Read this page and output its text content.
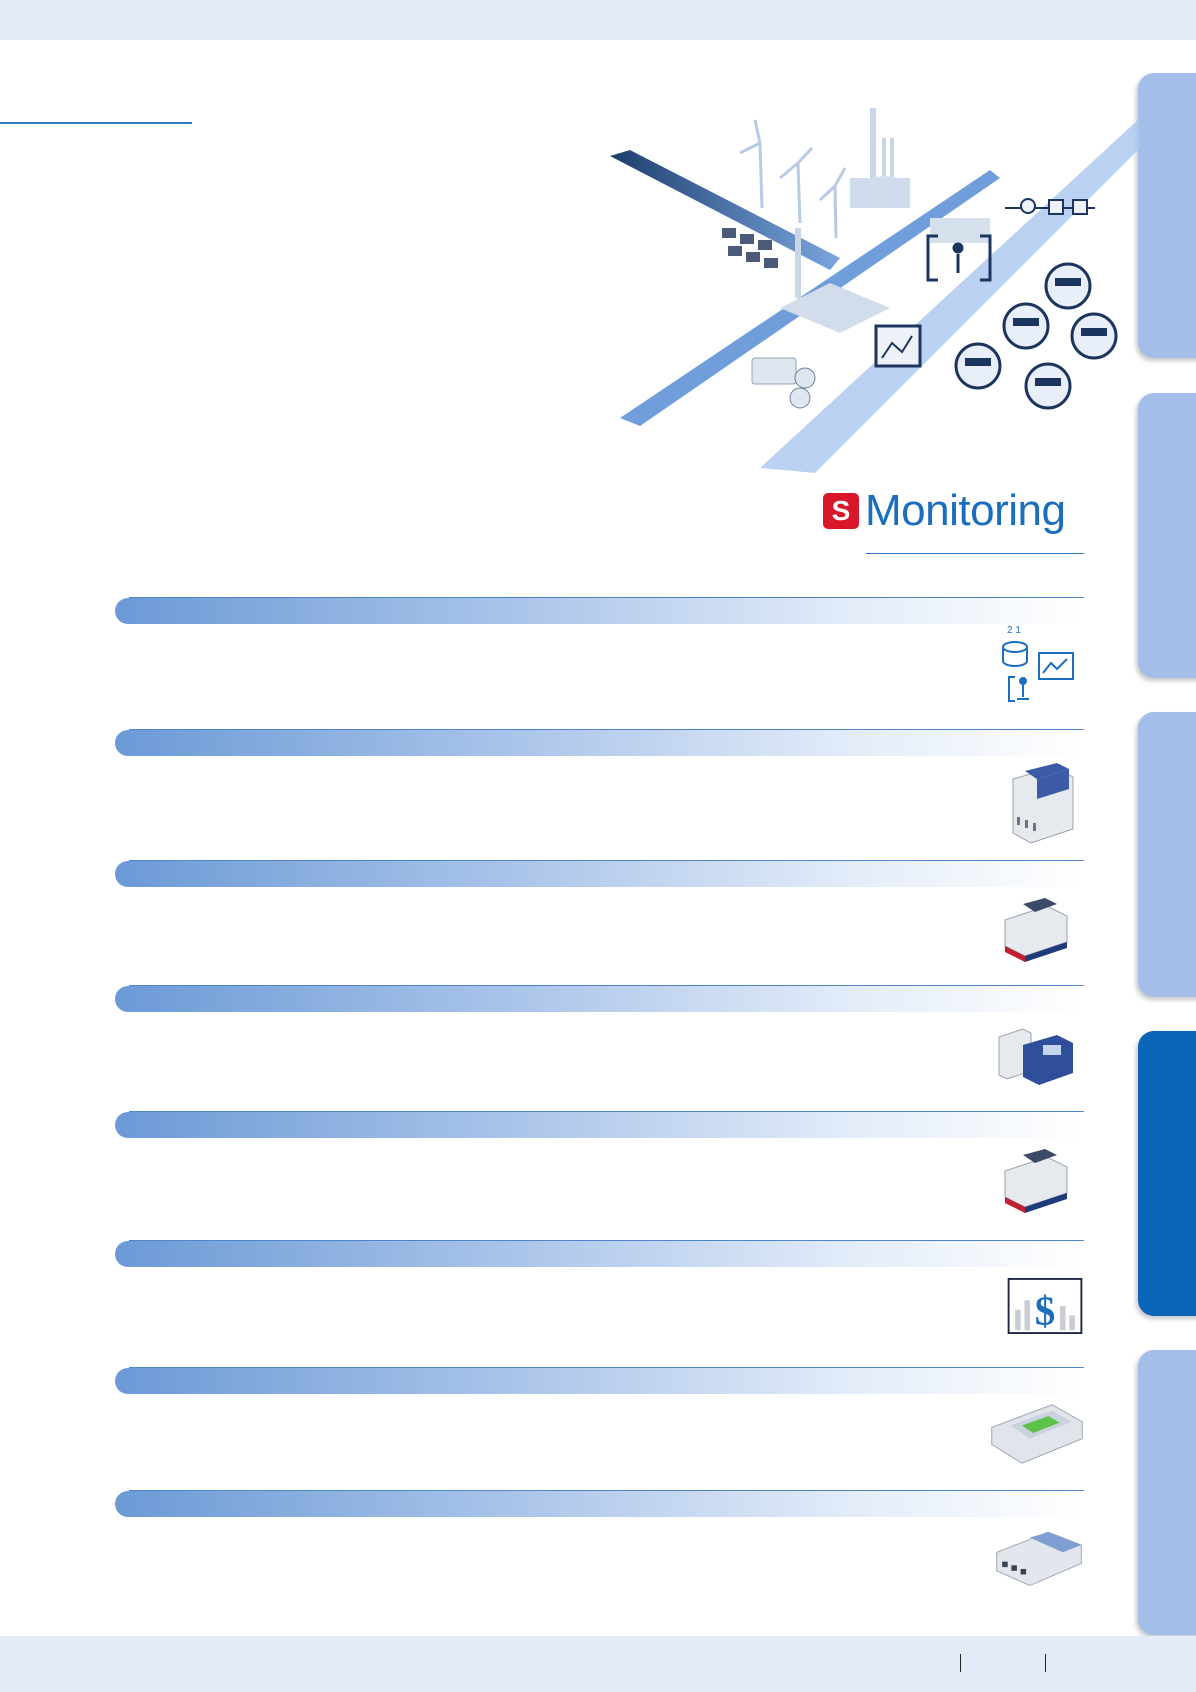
S Monitoring
2 1
$
